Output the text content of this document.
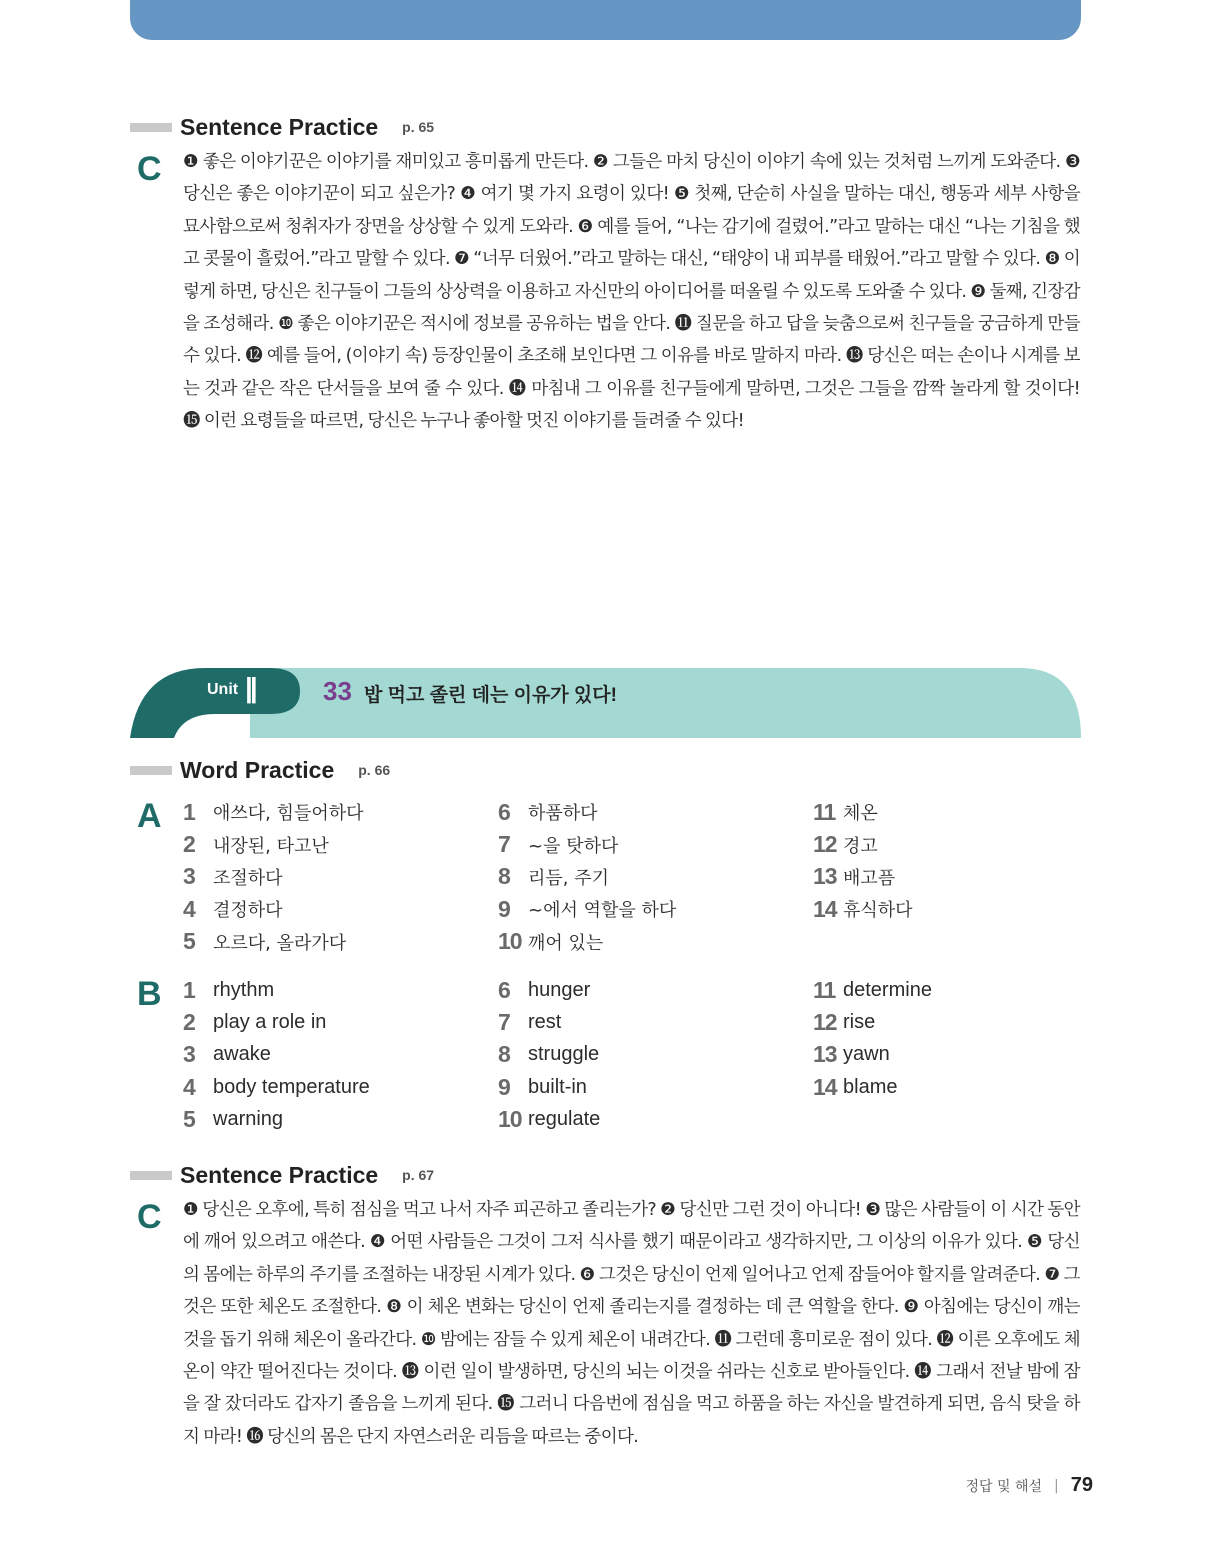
Sentence Practice p. 65
C ❶ 좋은 이야기꾼은 이야기를 재미있고 흥미롭게 만든다. ❷ 그들은 마치 당신이 이야기 속에 있는 것처럼 느끼게 도와준다. ❸ 당신은 좋은 이야기꾼이 되고 싶은가? ❹ 여기 몇 가지 요령이 있다! ❺ 첫째, 단순히 사실을 말하는 대신, 행동과 세부 사항을 묘사함으로써 청취자가 장면을 상상할 수 있게 도와라. ❻ 예를 들어, “나는 감기에 걸렸어.”라고 말하는 대신 “나는 기침을 했고 콧물이 흘렀어.”라고 말할 수 있다. ❼ “너무 더웠어.”라고 말하는 대신, “태양이 내 피부를 태웠어.”라고 말할 수 있다. ❽ 이렇게 하면, 당신은 친구들이 그들의 상상력을 이용하고 자신만의 아이디어를 떠올릴 수 있도록 도와줄 수 있다. ❾ 둘째, 긴장감을 조성해라. ❿ 좋은 이야기꾼은 적시에 정보를 공유하는 법을 안다. ⓫ 질문을 하고 답을 늦춤으로써 친구들을 궁금하게 만들 수 있다. ⓬ 예를 들어, (이야기 속) 등장인물이 초조해 보인다면 그 이유를 바로 말하지 마라. ⓭ 당신은 떠는 손이나 시계를 보는 것과 같은 작은 단서들을 보여 줄 수 있다. ⓮ 마침내 그 이유를 친구들에게 말하면, 그것은 그들을 깜짝 놀라게 할 것이다! ⓯ 이런 요령들을 따르면, 당신은 누구나 좋아할 멋진 이야기를 들려줄 수 있다!

Unit ||	33 밥 먹고 졸린 데는 이유가 있다!
Word Practice p. 66
A 1 애쓰다, 힘들어하다
2 내장된, 타고난
3 조절하다
4 결정하다
5 오르다, 올라가다
6 하품하다
7 ~을 탓하다
8 리듬, 주기
9 ~에서 역할을 하다
10 깨어 있는
11 체온
12 경고
13 배고픔
14 휴식하다
B 1 rhythm
2 play a role in
3 awake
4 body temperature
5 warning
6 hunger
7 rest
8 struggle
9 built-in
10 regulate
11 determine
12 rise
13 yawn
14 blame
Sentence Practice p. 67
C ❶ 당신은 오후에, 특히 점심을 먹고 나서 자주 피곤하고 졸리는가? ❷ 당신만 그런 것이 아니다! ❸ 많은 사람들이 이 시간 동안에 깨어 있으려고 애쓴다. ❹ 어떤 사람들은 그것이 그저 식사를 했기 때문이라고 생각하지만, 그 이상의 이유가 있다. ❺ 당신의 몸에는 하루의 주기를 조절하는 내장된 시계가 있다. ❻ 그것은 당신이 언제 일어나고 언제 잠들어야 할지를 알려준다. ❼ 그것은 또한 체온도 조절한다. ❽ 이 체온 변화는 당신이 언제 졸리는지를 결정하는 데 큰 역할을 한다. ❾ 아침에는 당신이 깨는 것을 돕기 위해 체온이 올라간다. ❿ 밤에는 잠들 수 있게 체온이 내려간다. ⓫ 그런데 흥미로운 점이 있다. ⓬ 이른 오후에도 체온이 약간 떨어진다는 것이다. ⓭ 이런 일이 발생하면, 당신의 뇌는 이것을 쉬라는 신호로 받아들인다. ⓮ 그래서 전날 밤에 잠을 잘 잤더라도 갑자기 졸음을 느끼게 된다. ⓯ 그러니 다음번에 점심을 먹고 하품을 하는 자신을 발견하게 되면, 음식 탓을 하지 마라! ⓰ 당신의 몸은 단지 자연스러운 리듬을 따르는 중이다.

정답 및 해설 | 79
